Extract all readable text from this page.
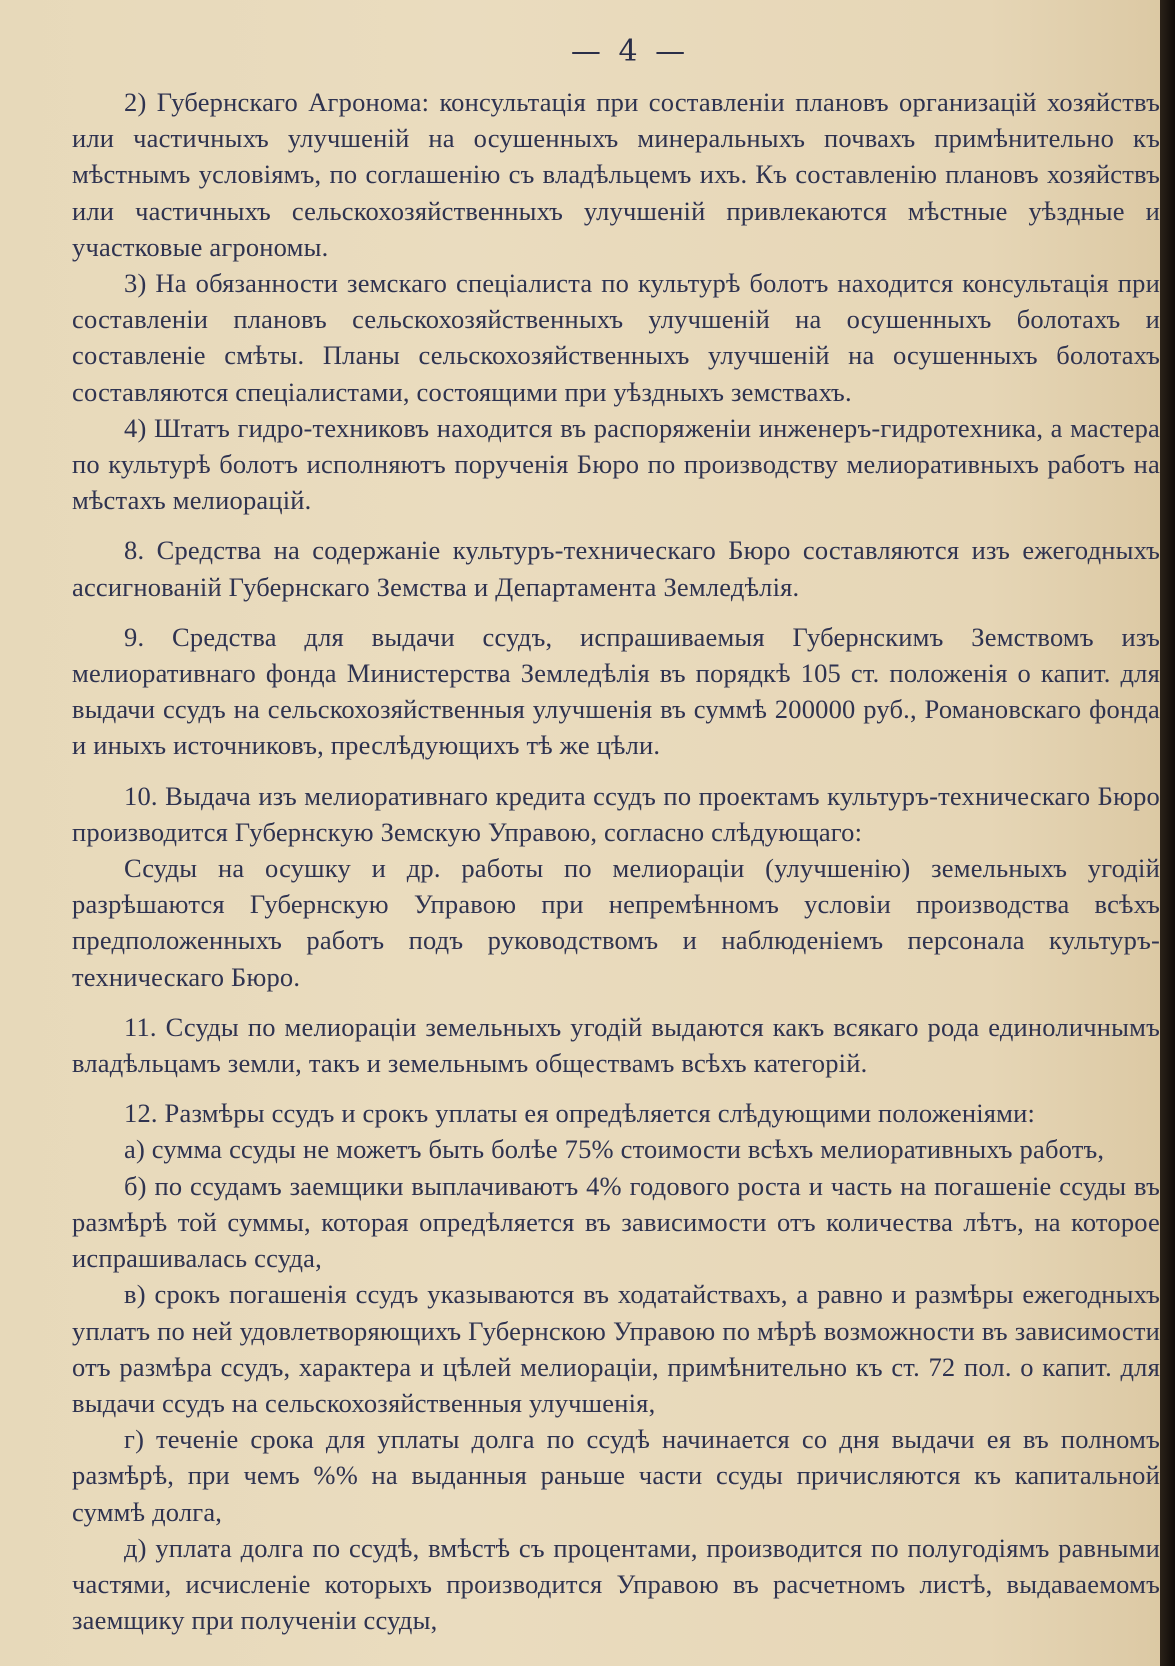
— 4 —

2) Губернскаго Агронома: консультація при составленіи плановъ организацій хозяйствъ или частичныхъ улучшеній на осушенныхъ минеральныхъ почвахъ примѣнительно къ мѣстнымъ условіямъ, по соглашенію съ владѣльцемъ ихъ. Къ составленію плановъ хозяйствъ или частичныхъ сельскохозяйственныхъ улучшеній привлекаются мѣстные уѣздные и участковые агрономы.

3) На обязанности земскаго спеціалиста по культурѣ болотъ находится консультація при составленіи плановъ сельскохозяйственныхъ улучшеній на осушенныхъ болотахъ и составленіе смѣты. Планы сельскохозяйственныхъ улучшеній на осушенныхъ болотахъ составляются спеціалистами, состоящими при уѣздныхъ земствахъ.

4) Штатъ гидро-техниковъ находится въ распоряженіи инженеръ-гидротехника, а мастера по культурѣ болотъ исполняютъ порученія Бюро по производству мелиоративныхъ работъ на мѣстахъ мелиорацій.

8. Средства на содержаніе культуръ-техническаго Бюро составляются изъ ежегодныхъ ассигнованій Губернскаго Земства и Департамента Земледѣлія.

9. Средства для выдачи ссудъ, испрашиваемыя Губернскимъ Земствомъ изъ мелиоративнаго фонда Министерства Земледѣлія въ порядкѣ 105 ст. положенія о капит. для выдачи ссудъ на сельскохозяйственныя улучшенія въ суммѣ 200000 руб., Романовскаго фонда и иныхъ источниковъ, преслѣдующихъ тѣ же цѣли.

10. Выдача изъ мелиоративнаго кредита ссудъ по проектамъ культуръ-техническаго Бюро производится Губернскую Земскую Управою, согласно слѣдующаго:

Ссуды на осушку и др. работы по мелиораціи (улучшенію) земельныхъ угодій разрѣшаются Губернскую Управою при непремѣнномъ условіи производства всѣхъ предположенныхъ работъ подъ руководствомъ и наблюденіемъ персонала культуръ-техническаго Бюро.

11. Ссуды по мелиораціи земельныхъ угодій выдаются какъ всякаго рода единоличнымъ владѣльцамъ земли, такъ и земельнымъ обществамъ всѣхъ категорій.

12. Размѣры ссудъ и срокъ уплаты ея опредѣляется слѣдующими положеніями:

а) сумма ссуды не можетъ быть болѣе 75% стоимости всѣхъ мелиоративныхъ работъ,

б) по ссудамъ заемщики выплачиваютъ 4% годового роста и часть на погашеніе ссуды въ размѣрѣ той суммы, которая опредѣляется въ зависимости отъ количества лѣтъ, на которое испрашивалась ссуда,

в) срокъ погашенія ссудъ указываются въ ходатайствахъ, а равно и размѣры ежегодныхъ уплатъ по ней удовлетворяющихъ Губернскою Управою по мѣрѣ возможности въ зависимости отъ размѣра ссудъ, характера и цѣлей мелиораціи, примѣнительно къ ст. 72 пол. о капит. для выдачи ссудъ на сельскохозяйственныя улучшенія,

г) теченіе срока для уплаты долга по ссудѣ начинается со дня выдачи ея въ полномъ размѣрѣ, при чемъ %% на выданныя раньше части ссуды причисляются къ капитальной суммѣ долга,

д) уплата долга по ссудѣ, вмѣстѣ съ процентами, производится по полугодіямъ равными частями, исчисленіе которыхъ производится Управою въ расчетномъ листѣ, выдаваемомъ заемщику при полученіи ссуды,
